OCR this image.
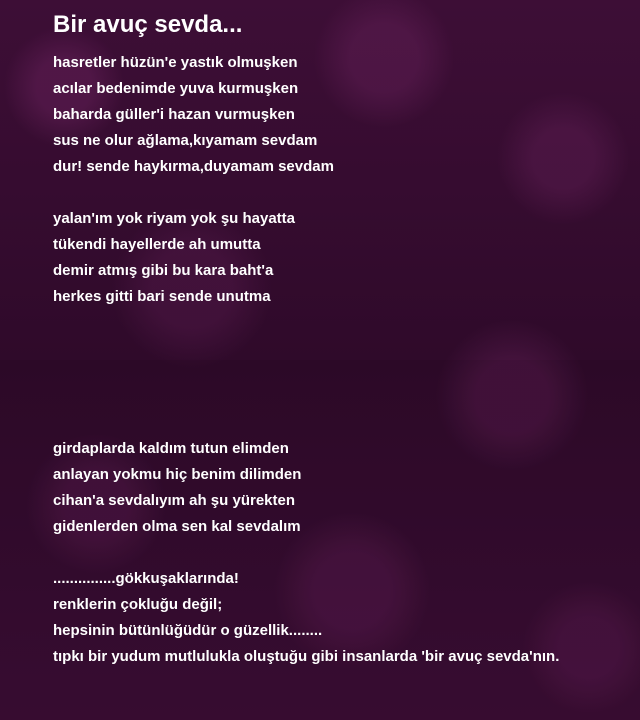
Bir avuç sevda...
hasretler hüzün'e yastık olmuşken
acılar bedenimde yuva kurmuşken
baharda güller'i hazan vurmuşken
sus ne olur ağlama,kıyamam sevdam
dur! sende haykırma,duyamam sevdam
yalan'ım yok riyam yok şu hayatta
tükendi hayellerde ah umutta
demir atmış gibi bu kara baht'a
herkes gitti bari sende unutma
girdaplarda kaldım tutun elimden
anlayan yokmu hiç benim dilimden
cihan'a sevdalıyım ah şu yürekten
gidenlerden olma sen kal sevdalım
...............gökkuşaklarında!
renklerin çokluğu değil;
hepsinin bütünlüğüdür o güzellik........
tıpkı bir yudum mutlulukla oluştuğu gibi insanlarda 'bir avuç sevda'nın.
